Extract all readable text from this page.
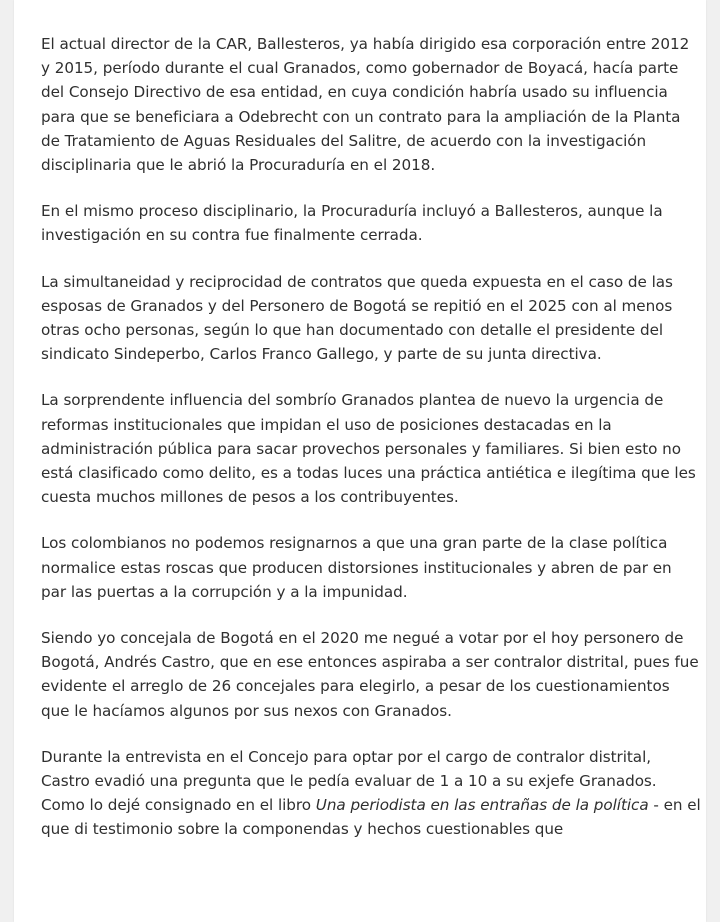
El actual director de la CAR, Ballesteros, ya había dirigido esa corporación entre 2012 y 2015, período durante el cual Granados, como gobernador de Boyacá, hacía parte del Consejo Directivo de esa entidad, en cuya condición habría usado su influencia para que se beneficiara a Odebrecht con un contrato para la ampliación de la Planta de Tratamiento de Aguas Residuales del Salitre, de acuerdo con la investigación disciplinaria que le abrió la Procuraduría en el 2018.

En el mismo proceso disciplinario, la Procuraduría incluyó a Ballesteros, aunque la investigación en su contra fue finalmente cerrada.

La simultaneidad y reciprocidad de contratos que queda expuesta en el caso de las esposas de Granados y del Personero de Bogotá se repitió en el 2025 con al menos otras ocho personas, según lo que han documentado con detalle el presidente del sindicato Sindeperbo, Carlos Franco Gallego, y parte de su junta directiva.

La sorprendente influencia del sombrío Granados plantea de nuevo la urgencia de reformas institucionales que impidan el uso de posiciones destacadas en la administración pública para sacar provechos personales y familiares. Si bien esto no está clasificado como delito, es a todas luces una práctica antiética e ilegítima que les cuesta muchos millones de pesos a los contribuyentes.

Los colombianos no podemos resignarnos a que una gran parte de la clase política normalice estas roscas que producen distorsiones institucionales y abren de par en par las puertas a la corrupción y a la impunidad.

Siendo yo concejala de Bogotá en el 2020 me negué a votar por el hoy personero de Bogotá, Andrés Castro, que en ese entonces aspiraba a ser contralor distrital, pues fue evidente el arreglo de 26 concejales para elegirlo, a pesar de los cuestionamientos que le hacíamos algunos por sus nexos con Granados.

Durante la entrevista en el Concejo para optar por el cargo de contralor distrital, Castro evadió una pregunta que le pedía evaluar de 1 a 10 a su exjefe Granados. Como lo dejé consignado en el libro Una periodista en las entrañas de la política - en el que di testimonio sobre la componendas y hechos cuestionables que
